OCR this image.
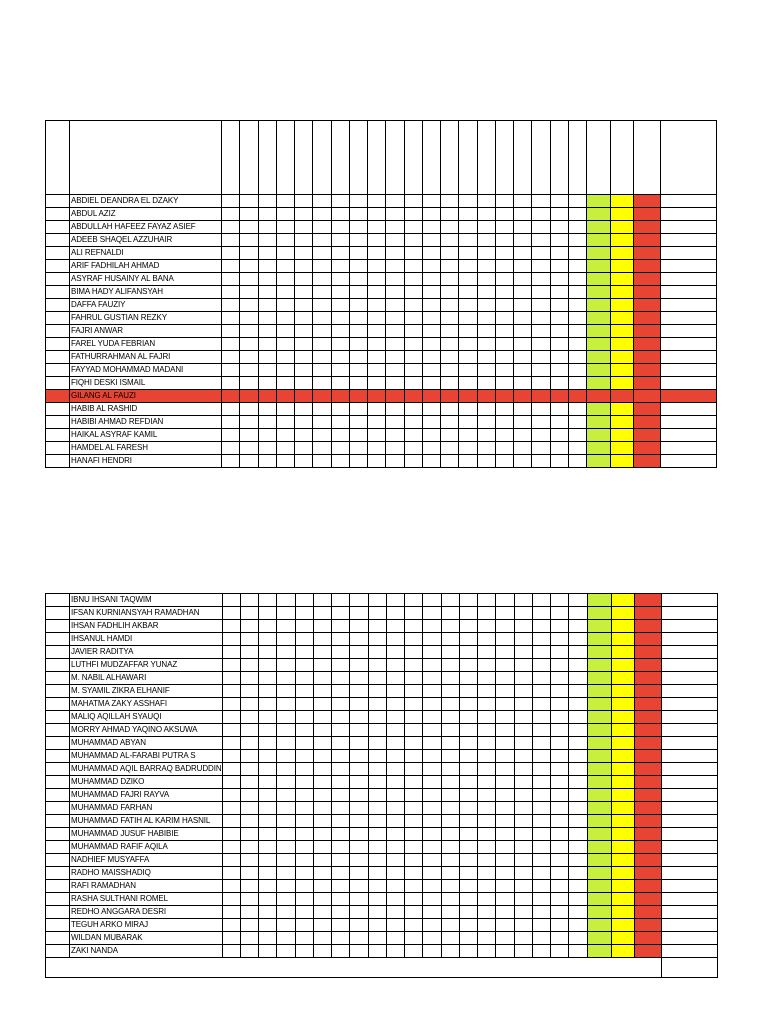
	ABDIEL DEANDRA EL DZAKY																								
	ABDUL AZIZ																								
	ABDULLAH HAFEEZ FAYAZ ASIEF																								
	ADEEB SHAQEL AZZUHAIR																								
	ALI REFNALDI																								
	ARIF FADHILAH AHMAD																								
	ASYRAF HUSAINY AL BANA																								
	BIMA HADY ALIFANSYAH																								
	DAFFA FAUZIY																								
	FAHRUL GUSTIAN REZKY																								
	FAJRI ANWAR																								
	FAREL YUDA FEBRIAN																								
	FATHURRAHMAN AL FAJRI																								
	FAYYAD MOHAMMAD MADANI																								
	FIQHI DESKI ISMAIL																								
	GILANG AL FAUZI																								
	HABIB AL RASHID																								
	HABIBI AHMAD REFDIAN																								
	HAIKAL ASYRAF KAMIL																								
	HAMDEL AL FARESH																								
	HANAFI HENDRI																								
	IBNU IHSANI TAQWIM																								
	IFSAN KURNIANSYAH RAMADHAN																								
	IHSAN FADHLIH AKBAR																								
	IHSANUL HAMDI																								
	JAVIER RADITYA																								
	LUTHFI MUDZAFFAR YUNAZ																								
	M. NABIL ALHAWARI																								
	M. SYAMIL ZIKRA ELHANIF																								
	MAHATMA ZAKY ASSHAFI																								
	MALIQ AQILLAH SYAUQI																								
	MORRY AHMAD YAQINO AKSUWA																								
	MUHAMMAD ABYAN																								
	MUHAMMAD AL-FARABI PUTRA S																								
	MUHAMMAD AQIL BARRAQ BADRUDDIN																								
	MUHAMMAD DZIKO																								
	MUHAMMAD FAJRI RAYVA																								
	MUHAMMAD FARHAN																								
	MUHAMMAD FATIH AL KARIM HASNIL																								
	MUHAMMAD JUSUF HABIBIE																								
	MUHAMMAD RAFIF AQILA																								
	NADHIEF MUSYAFFA																								
	RADHO MAISSHADIQ																								
	RAFI RAMADHAN																								
	RASHA SULTHANI ROMEL																								
	REDHO ANGGARA DESRI																								
	TEGUH ARKO MIRAJ																								
	WILDAN MUBARAK																								
	ZAKI NANDA																								
